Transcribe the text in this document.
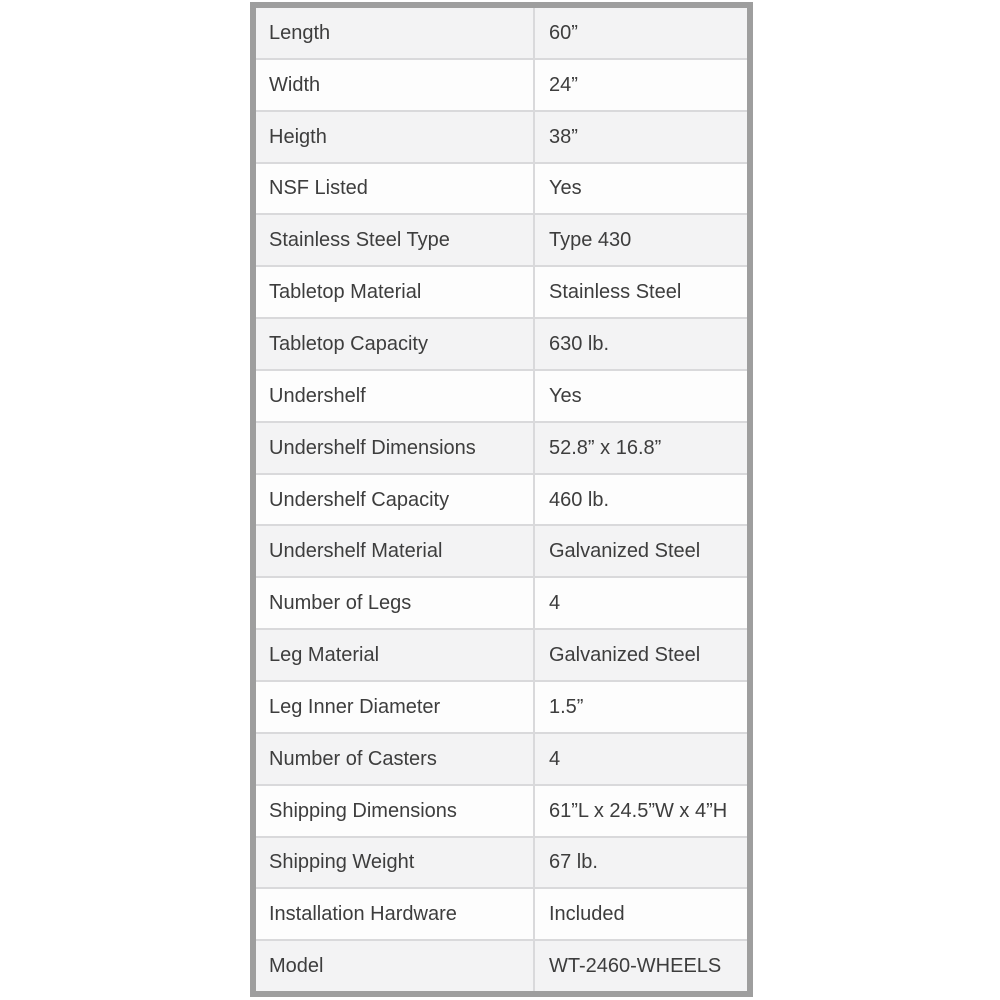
Length	60”
Width	24”
Heigth	38”
NSF Listed	Yes
Stainless Steel Type	Type 430
Tabletop Material	Stainless Steel
Tabletop Capacity	630 lb.
Undershelf	Yes
Undershelf Dimensions	52.8” x 16.8”
Undershelf Capacity	460 lb.
Undershelf Material	Galvanized Steel
Number of Legs	4
Leg Material	Galvanized Steel
Leg Inner Diameter	1.5”
Number of Casters	4
Shipping Dimensions	61”L x 24.5”W x 4”H
Shipping Weight	67 lb.
Installation Hardware	Included
Model	WT-2460-WHEELS
